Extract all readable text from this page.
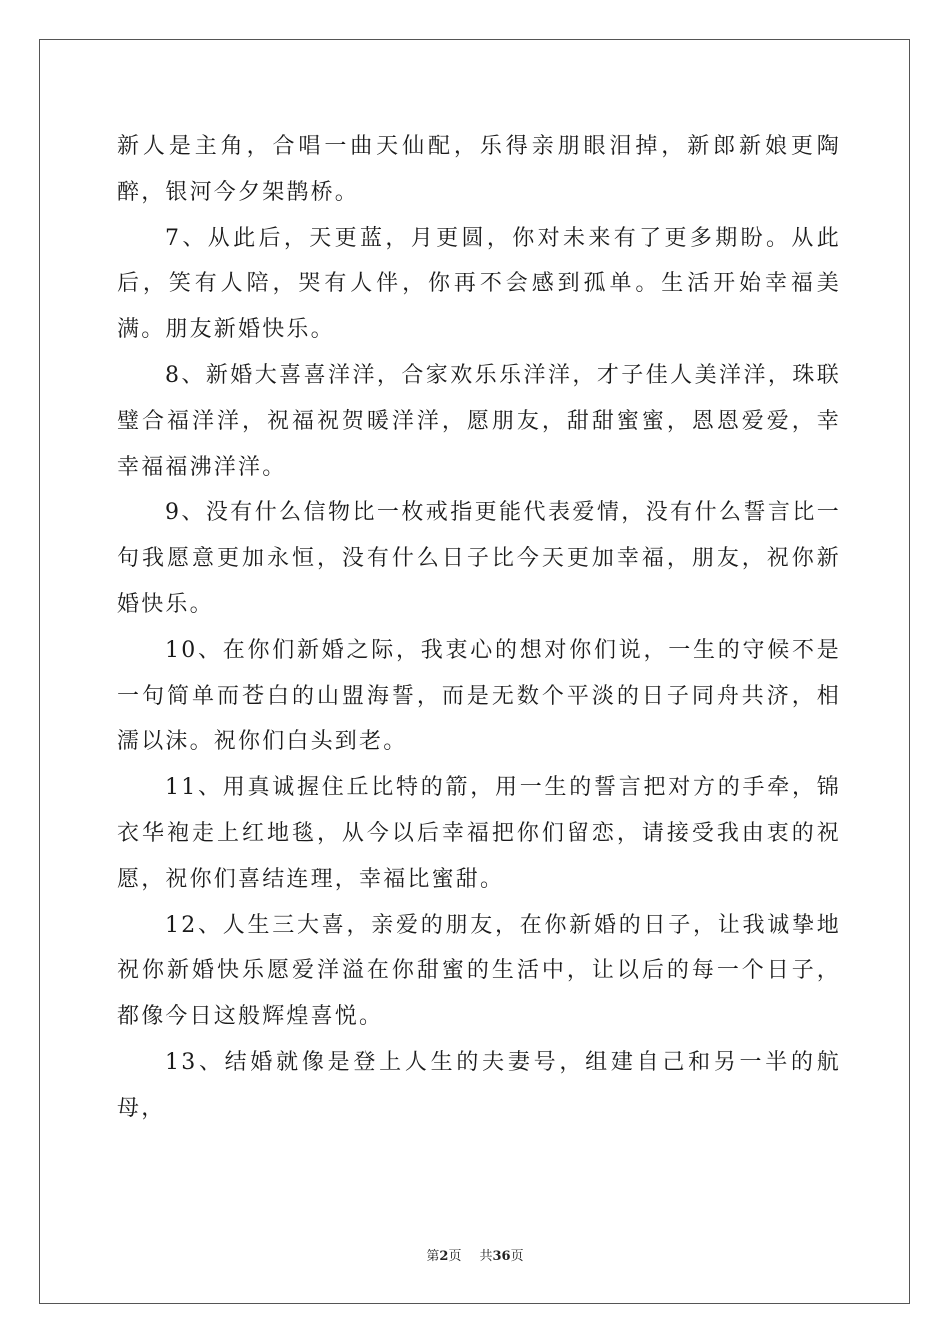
新人是主角，合唱一曲天仙配，乐得亲朋眼泪掉，新郎新娘更陶醉，银河今夕架鹊桥。

7、从此后，天更蓝，月更圆，你对未来有了更多期盼。从此后，笑有人陪，哭有人伴，你再不会感到孤单。生活开始幸福美满。朋友新婚快乐。

8、新婚大喜喜洋洋，合家欢乐乐洋洋，才子佳人美洋洋，珠联璧合福洋洋，祝福祝贺暖洋洋，愿朋友，甜甜蜜蜜，恩恩爱爱，幸幸福福沸洋洋。

9、没有什么信物比一枚戒指更能代表爱情，没有什么誓言比一句我愿意更加永恒，没有什么日子比今天更加幸福，朋友，祝你新婚快乐。

10、在你们新婚之际，我衷心的想对你们说，一生的守候不是一句简单而苍白的山盟海誓，而是无数个平淡的日子同舟共济，相濡以沫。祝你们白头到老。

11、用真诚握住丘比特的箭，用一生的誓言把对方的手牵，锦衣华袍走上红地毯，从今以后幸福把你们留恋，请接受我由衷的祝愿，祝你们喜结连理，幸福比蜜甜。

12、人生三大喜，亲爱的朋友，在你新婚的日子，让我诚挚地祝你新婚快乐愿爱洋溢在你甜蜜的生活中，让以后的每一个日子，都像今日这般辉煌喜悦。

13、结婚就像是登上人生的夫妻号，组建自己和另一半的航母，

第2页 共36页
